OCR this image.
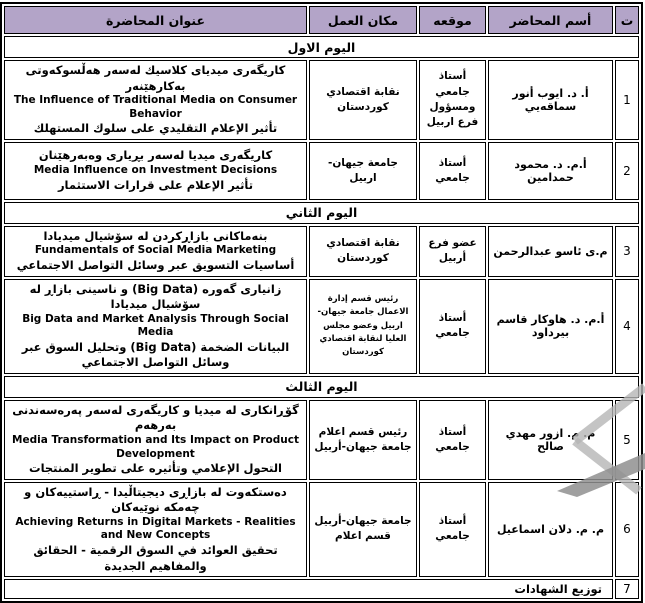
ت	أسم المحاضر	موقعه	مكان العمل	عنوان المحاضرة
اليوم الاول				
1	أ. د. ايوب أنور سماقەيي	أستاذ جامعي ومسؤول فرع اربيل	نقابة اقتصادي كوردستان	كاریگەری میدیای كلاسیك لەسەر هەڵسوكەوتی بەكارهێنەر
The Influence of Traditional Media on Consumer Behavior
تأثير الإعلام التقليدي على سلوك المستهلك

2	أ.م. د. محمود حمدامين	أستاذ جامعي	جامعة جيهان- اربيل	كاریگەری میدیا لەسەر بڕیاری وەبەرهێنان
Media Influence on Investment Decisions
تأثير الإعلام على قرارات الاستثمار

اليوم الثاني				
3	م.ى ئاسو عبدالرحمن	عضو فرع أربيل	نقابة اقتصادي كوردستان	بنەماكانی بازاڕكردن لە سۆشیال میدیادا
Fundamentals of Social Media Marketing
أساسيات التسويق عبر وسائل التواصل الاجتماعي

4	أ.م. د. هاوكار قاسم بيرداود	أستاذ جامعي	رئيس قسم إدارة الاعمال جامعة جيهان- اربيل وعضو مجلس العليا لنقابة اقتصادي كوردستان	زانیاری گەورە (Big Data) و ناسینی بازاڕ لە سۆشیال میدیادا
Big Data and Market Analysis Through Social Media
البيانات الضخمة (Big Data) وتحليل السوق عبر وسائل التواصل الاجتماعي

اليوم الثالث				
5	م. م. ازور مهدي صالح	أستاذ جامعي	رئيس قسم اعلام جامعة جيهان-أربيل	گۆڕانكاری لە میدیا و كاریگەری لەسەر پەرەسەندنی بەرهەم
Media Transformation and Its Impact on Product Development
التحول الإعلامي وتأثيره على تطوير المنتجات

6	م. م. دلان اسماعيل	أستاذ جامعي	جامعة جيهان-أربيل قسم اعلام	دەستكەوت لە بازاڕی دیجیتاڵیدا - ڕاستییەكان و چەمكە نوێیەكان
Achieving Returns in Digital Markets - Realities and New Concepts
تحقيق العوائد في السوق الرقمية - الحقائق والمفاهيم الجديدة

7	توزيع الشهادات			
